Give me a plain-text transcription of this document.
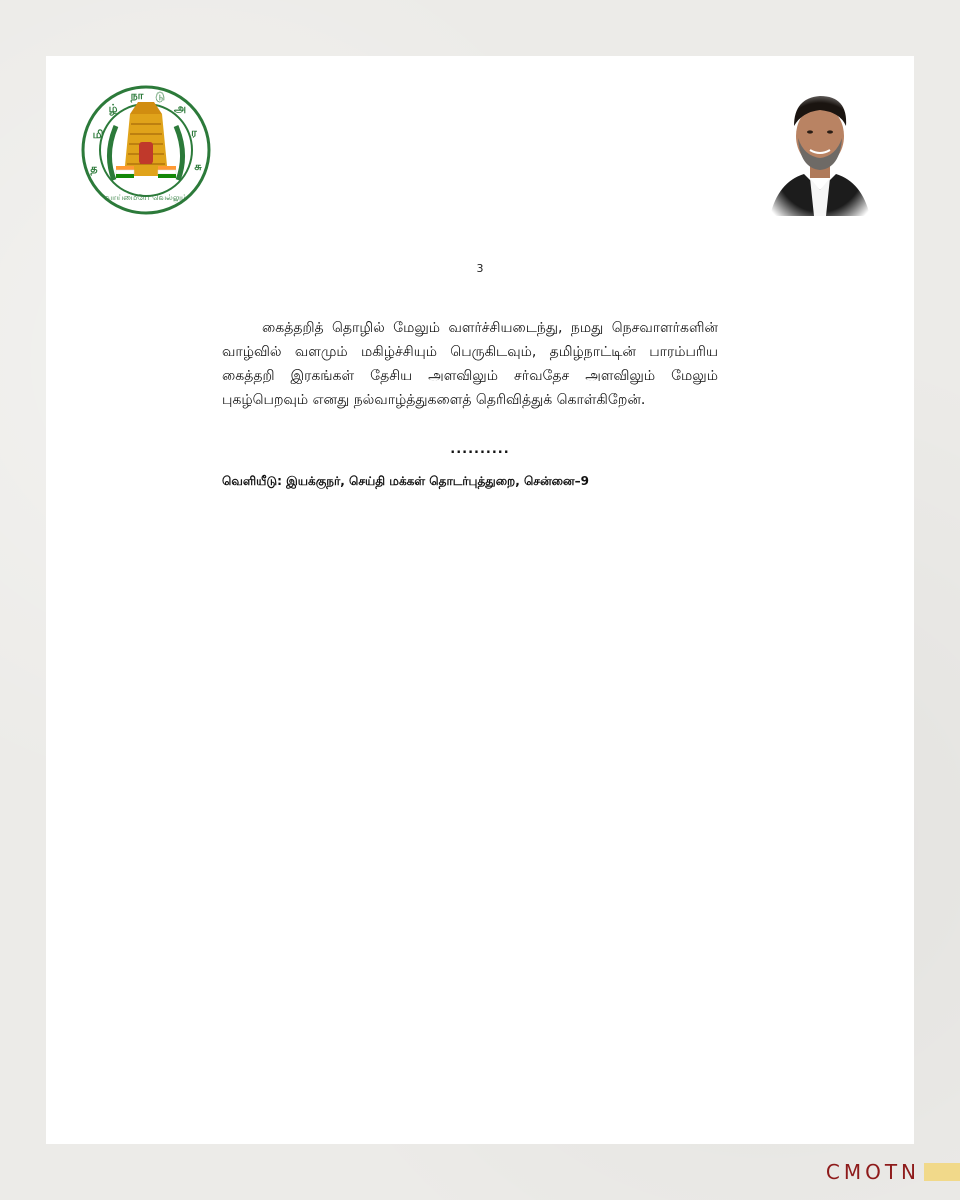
த
மி
ழ்
நா டு
அ
ர
சு
வாய்மையே வெல்லும்
3

கைத்தறித் தொழில் மேலும் வளர்ச்சியடைந்து, நமது நெசவாளர்களின் வாழ்வில் வளமும் மகிழ்ச்சியும் பெருகிடவும், தமிழ்நாட்டின் பாரம்பரிய கைத்தறி இரகங்கள் தேசிய அளவிலும் சர்வதேச அளவிலும் மேலும் புகழ்பெறவும் எனது நல்வாழ்த்துகளைத் தெரிவித்துக் கொள்கிறேன்.

..........
வெளியீடு: இயக்குநர், செய்தி மக்கள் தொடர்புத்துறை, சென்னை–9
CMOTN
